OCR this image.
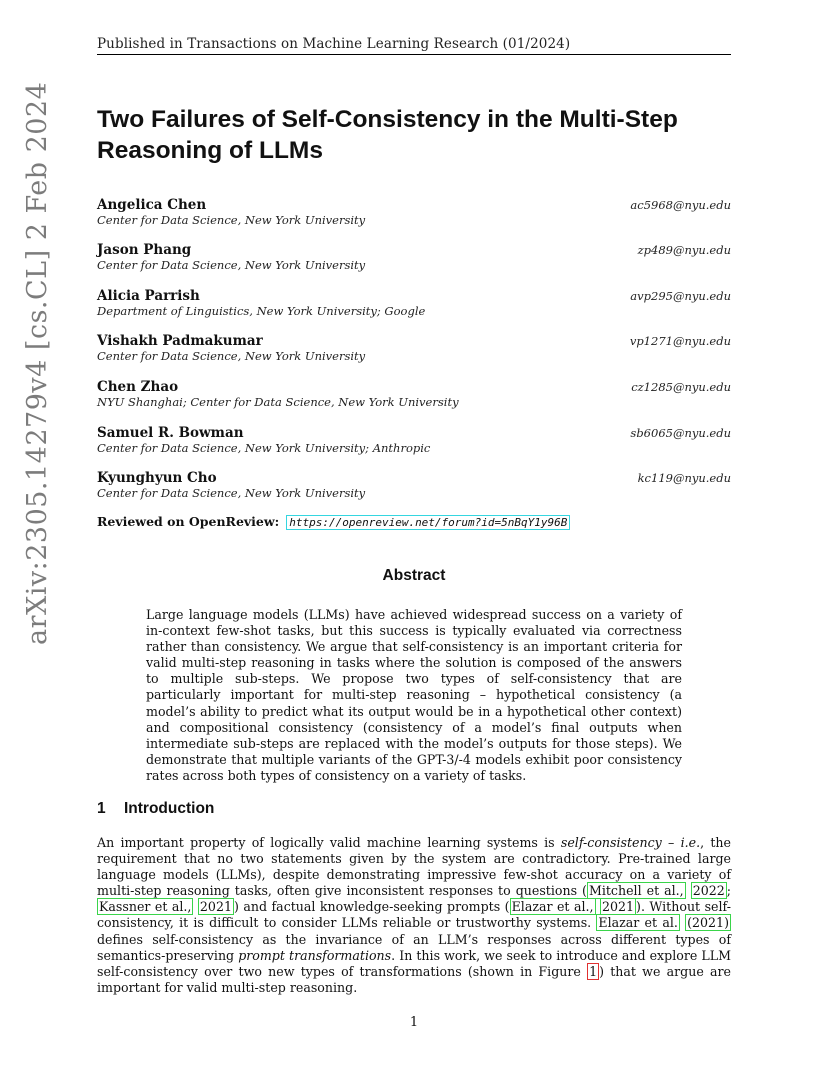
Published in Transactions on Machine Learning Research (01/2024)
arXiv:2305.14279v4 [cs.CL] 2 Feb 2024 Two Failures of Self-Consistency in the Multi-Step Reasoning of LLMs
Angelica Chen
Center for Data Science, New York University
ac5968@nyu.edu
Jason Phang
Center for Data Science, New York University
zp489@nyu.edu
Alicia Parrish
Department of Linguistics, New York University; Google
avp295@nyu.edu
Vishakh Padmakumar
Center for Data Science, New York University
vp1271@nyu.edu
Chen Zhao
NYU Shanghai; Center for Data Science, New York University
cz1285@nyu.edu
Samuel R. Bowman
Center for Data Science, New York University; Anthropic
sb6065@nyu.edu
Kyunghyun Cho
Center for Data Science, New York University
kc119@nyu.edu
Reviewed on OpenReview: https://openreview.net/forum?id=5nBqY1y96B
Abstract

Large language models (LLMs) have achieved widespread success on a variety of in-context few-shot tasks, but this success is typically evaluated via correctness rather than consistency. We argue that self-consistency is an important criteria for valid multi-step reasoning in tasks where the solution is composed of the answers to multiple sub-steps. We propose two types of self-consistency that are particularly important for multi-step reasoning – hypothetical consistency (a model’s ability to predict what its output would be in a hypothetical other context) and compositional consistency (consistency of a model’s final outputs when intermediate sub-steps are replaced with the model’s outputs for those steps). We demonstrate that multiple variants of the GPT-3/-4 models exhibit poor consistency rates across both types of consistency on a variety of tasks.

1 Introduction

An important property of logically valid machine learning systems is self-consistency – i.e., the requirement that no two statements given by the system are contradictory. Pre-trained large language models (LLMs), despite demonstrating impressive few-shot accuracy on a variety of multi-step reasoning tasks, often give inconsistent responses to questions ( Mitchell et al., 2022 ; Kassner et al., 2021 ) and factual knowledge-seeking prompts ( Elazar et al., 2021 ). Without self-consistency, it is difficult to consider LLMs reliable or trustworthy systems. Elazar et al. (2021) defines self-consistency as the invariance of an LLM’s responses across different types of semantics-preserving prompt transformations. In this work, we seek to introduce and explore LLM self-consistency over two new types of transformations (shown in Figure 1 ) that we argue are important for valid multi-step reasoning.

1
